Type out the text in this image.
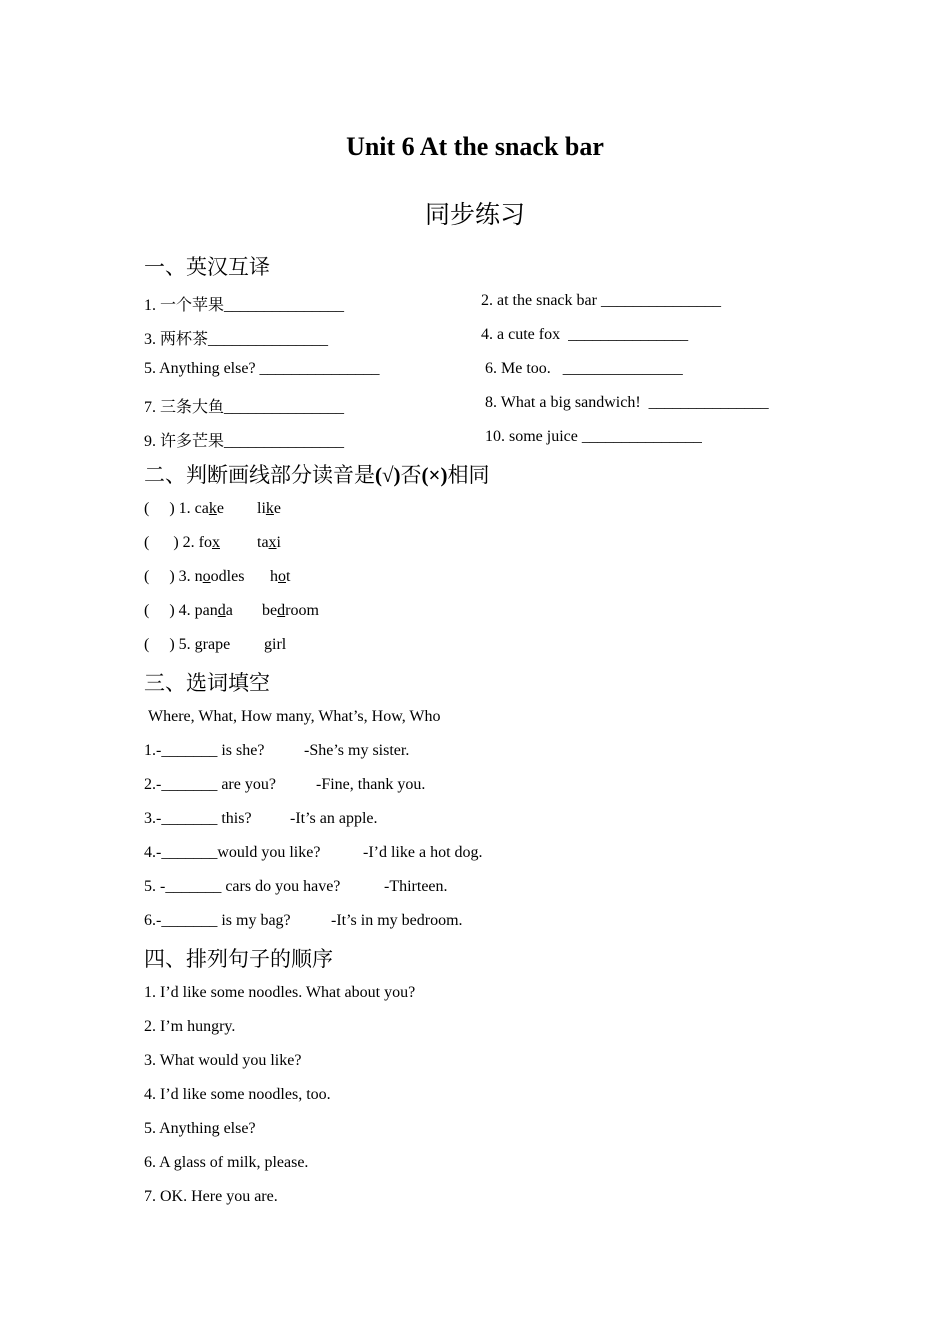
Unit 6 At the snack bar
同步练习
一、英汉互译
1. 一个苹果_______________	2. at the snack bar _______________
3. 两杯茶_______________	4. a cute fox  _______________
5. Anything else? _______________	6. Me too.   _______________
7. 三条大鱼_______________	8. What a big sandwich!  _______________
9. 许多芒果_______________	10. some juice _______________
二、判断画线部分读音是(√)否(×)相同
(     ) 1. cake like
(      ) 2. fox taxi
(     ) 3. noodles hot
(     ) 4. panda bedroom
(     ) 5. grape girl
三、选词填空
Where, What, How many, What’s, How, Who
1.-_______ is she? -She’s my sister.
2.-_______ are you?	-Fine, thank you.
3.-_______ this? -It’s an apple.
4.-_______would you like?	-I’d like a hot dog.
5. -_______ cars do you have?	-Thirteen.
6.-_______ is my bag?	-It’s in my bedroom.
四、排列句子的顺序
1. I’d like some noodles. What about you?
2. I’m hungry.
3. What would you like?
4. I’d like some noodles, too.
5. Anything else?
6. A glass of milk, please.
7. OK. Here you are.
